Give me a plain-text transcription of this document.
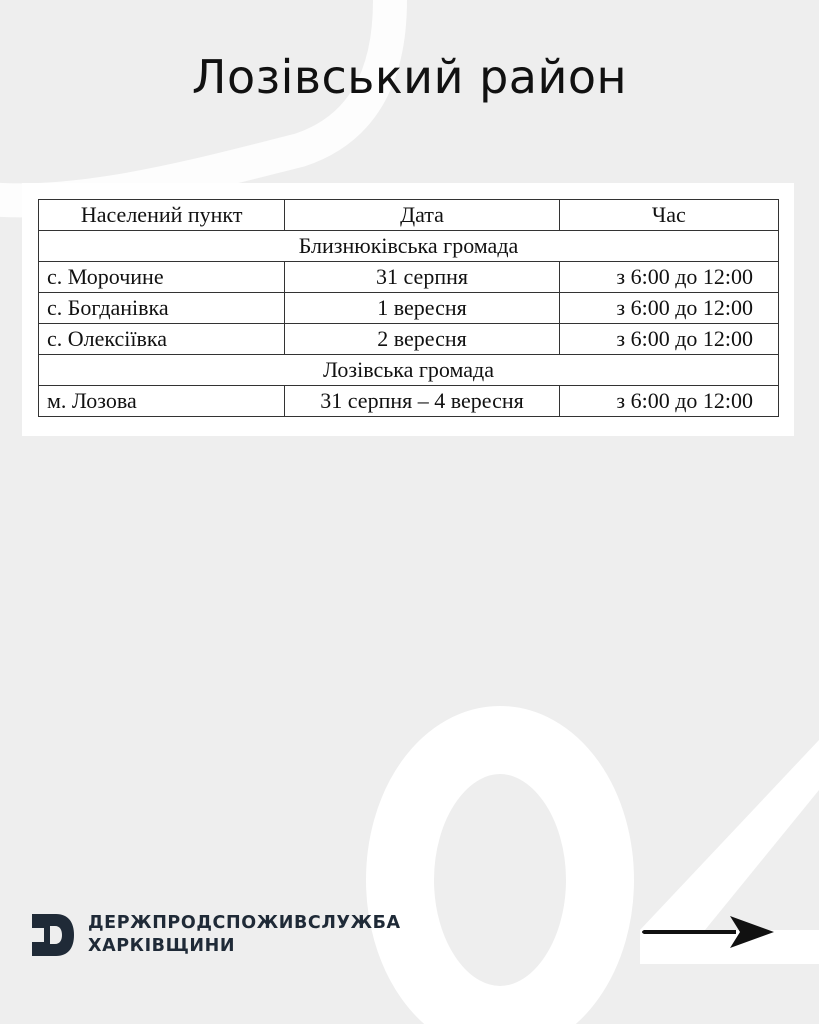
Лозівський район
Населений пункт	Дата	Час
Близнюківська громада		
с. Морочине	31 серпня	з 6:00 до 12:00
с. Богданівка	1 вересня	з 6:00 до 12:00
с. Олексіївка	2 вересня	з 6:00 до 12:00
Лозівська громада		
м. Лозова	31 серпня – 4 вересня	з 6:00 до 12:00
ДЕРЖПРОДСПОЖИВСЛУЖБА
ХАРКІВЩИНИ
